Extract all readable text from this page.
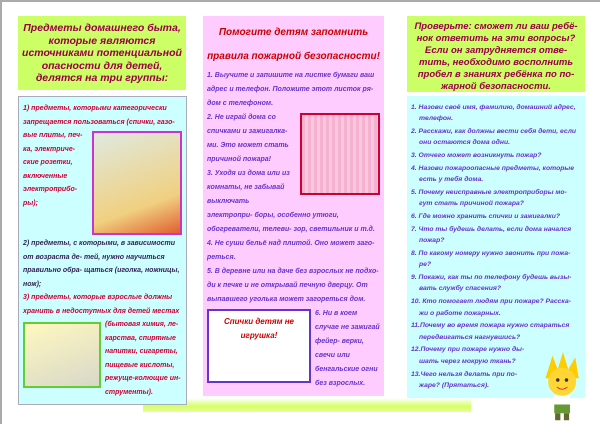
Предметы домашнего быта, которые являются источниками потенциальной опасности для детей, делятся на три группы:
1) предметы, которыми категорически запрещается пользоваться (спички, газо-
вые плиты, печ- ка, электриче- ские розетки, включенные электроприбо- ры);
2) предметы, с которыми, в зависимости от возраста де- тей, нужно научиться правильно обра- щаться (иголка, ножницы, нож);
3) предметы, которые взрослые должны хранить в недоступных для детей местах
(бытовая химия, ле- карства, спиртные напитки, сигареты, пищевые кислоты, режуще-колющие ин- струменты).
Помогите детям запомнить
правила пожарной безопасности!
1. Выучите и запишите на листке бумаги ваш адрес и телефон. Положите этот листок ря- дом с телефоном.
2. Не играй дома со спичками и зажигалка- ми. Это может стать причиной пожара!
3. Уходя из дома или из комнаты, не забывай выключать электропри- боры, особенно утюги, обогреватели, телеви- зор, светильник и т.д.
4. Не суши бельё над плитой. Оно может заго- реться.
5. В деревне или на даче без взрослых не подхо- ди к печке и не открывай печную дверцу. От выпавшего уголька может загореться дом.
Спички детям не игрушка!
6. Ни в коем случае не зажигай фейер- верки, свечи или бенгальские огни без взрослых.
Проверьте: сможет ли ваш ребё- нок ответить на эти вопросы? Если он затрудняется отве- тить, необходимо восполнить пробел в знаниях ребёнка по по- жарной безопасности.
1. Назови своё имя, фамилию, домашний адрес, телефон.
2. Расскажи, как должны вести себя дети, если они остаются дома одни.
3. Отчего может возникнуть пожар?
4. Назови пожароопасные предметы, которые есть у тебя дома.
5. Почему неисправные электроприборы мо- гут стать причиной пожара?
6. Где можно хранить спички и зажигалки?
7. Что ты будешь делать, если дома начался пожар?
8. По какому номеру нужно звонить при пожа- ре?
9. Покажи, как ты по телефону будешь вызы- вать службу спасения?
10. Кто помогает людям при пожаре? Расска- жи о работе пожарных.
11.Почему во время пожара нужно стараться передвигаться нагнувшись?
12.Почему при пожаре нужно ды- шать через мокрую ткань?
13.Чего нельзя делать при по- жаре? (Прятаться).
